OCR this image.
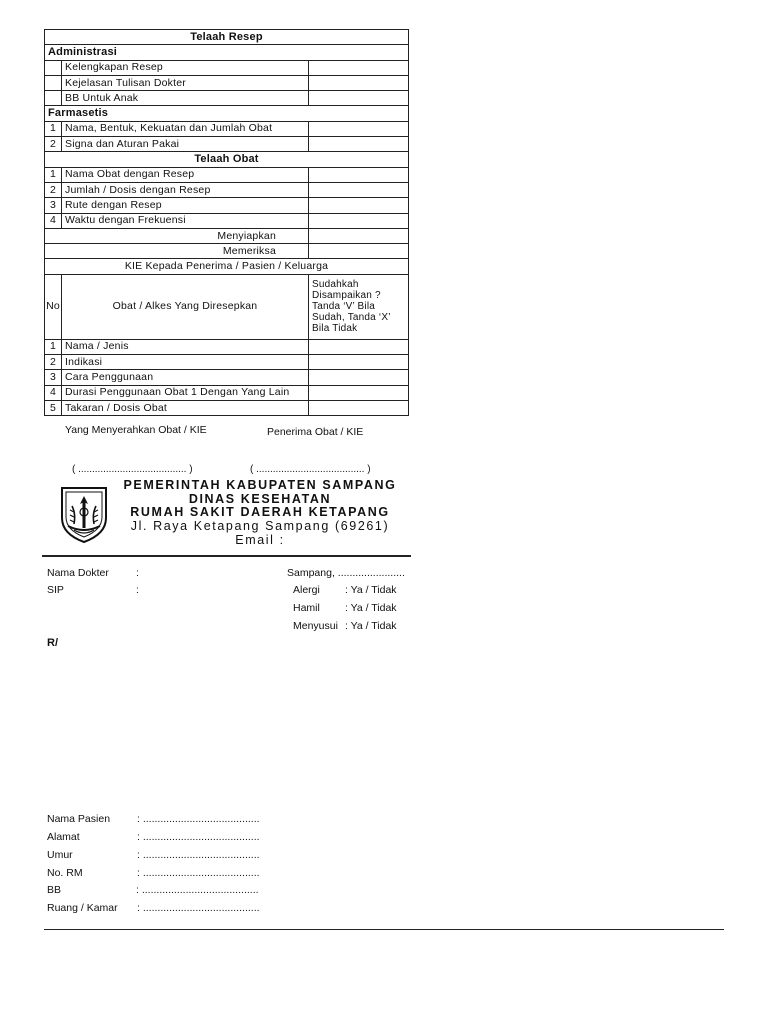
Telaah Resep		
Administrasi		
	Kelengkapan Resep	
	Kejelasan Tulisan Dokter	
	BB Untuk Anak	
Farmasetis		
1	Nama, Bentuk, Kekuatan dan Jumlah Obat	
2	Signa dan Aturan Pakai	
Telaah Obat		
1	Nama Obat dengan Resep	
2	Jumlah / Dosis dengan Resep	
3	Rute dengan Resep	
4	Waktu dengan Frekuensi	
Menyiapkan		
Memeriksa		
KIE Kepada Penerima / Pasien / Keluarga		
No	Obat / Alkes Yang Diresepkan	Sudahkah Disampaikan ? Tanda ‘V’ Bila Sudah, Tanda ‘X’ Bila Tidak
1	Nama / Jenis	
2	Indikasi	
3	Cara Penggunaan	
4	Durasi Penggunaan Obat 1 Dengan Yang Lain	
5	Takaran / Dosis Obat	
Yang Menyerahkan Obat / KIE	Penerima Obat / KIE
( ....................................... )	( ....................................... )
PEMERINTAH KABUPATEN SAMPANG
DINAS KESEHATAN
RUMAH SAKIT DAERAH KETAPANG
Jl. Raya Ketapang Sampang (69261)
Email :
Nama Dokter	:
SIP	:
Sampang, .......................
Alergi : Ya / Tidak
Hamil : Ya / Tidak
Menyusui : Ya / Tidak
R/
Nama Pasien	: ........................................
Alamat	: ........................................
Umur	: ........................................
No. RM	: ........................................
BB	: ........................................
Ruang / Kamar : ........................................
